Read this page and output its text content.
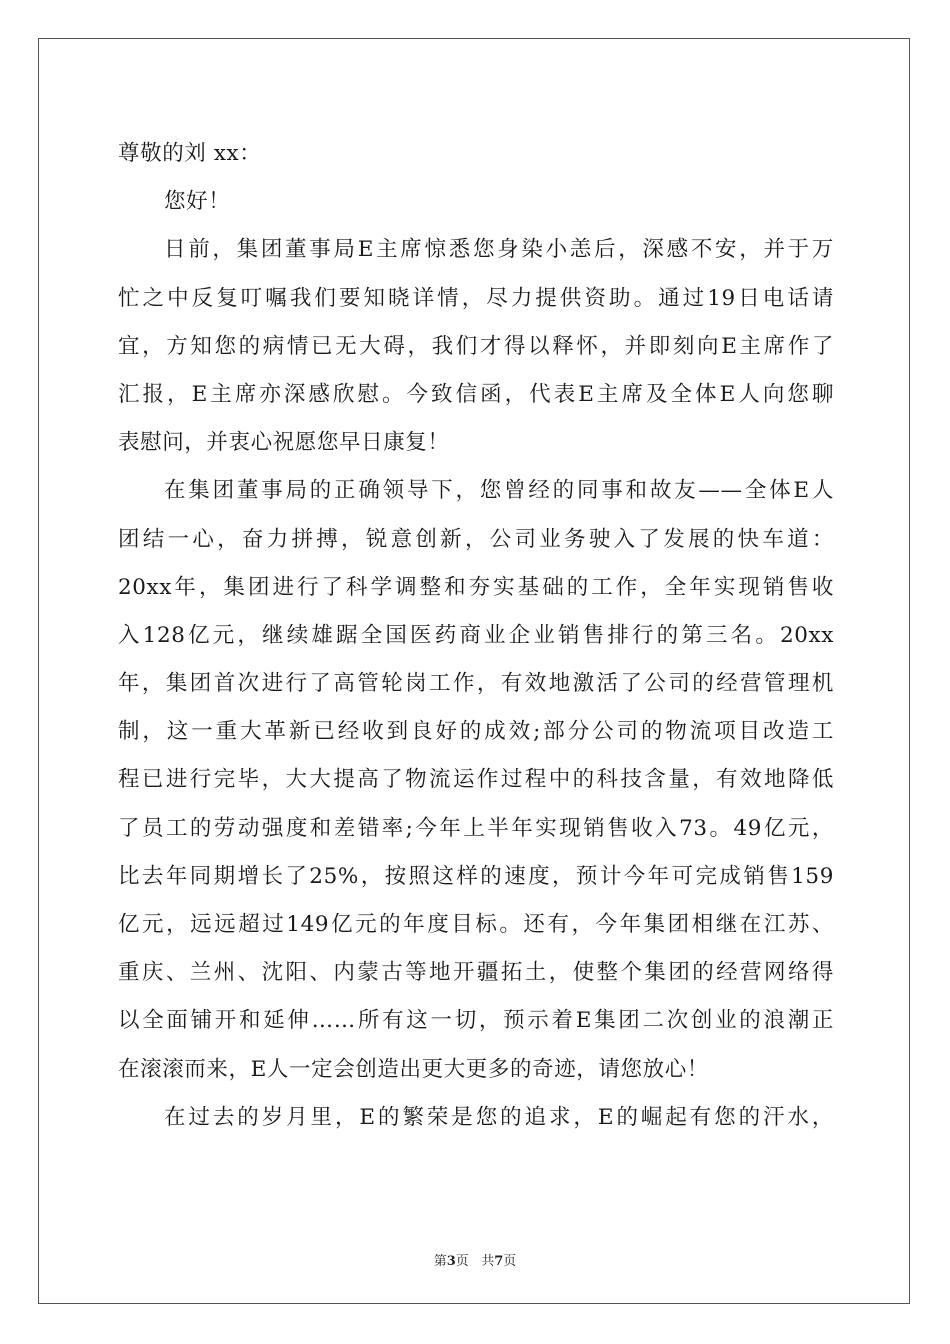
尊敬的刘 xx：
您好！
日前，集团董事局E主席惊悉您身染小恙后，深感不安，并于万
忙之中反复叮嘱我们要知晓详情，尽力提供资助。通过19日电话请
宜，方知您的病情已无大碍，我们才得以释怀，并即刻向E主席作了
汇报，E主席亦深感欣慰。今致信函，代表E主席及全体E人向您聊
表慰问，并衷心祝愿您早日康复！
在集团董事局的正确领导下，您曾经的同事和故友——全体E人
团结一心，奋力拼搏，锐意创新，公司业务驶入了发展的快车道：
20xx年，集团进行了科学调整和夯实基础的工作，全年实现销售收
入128亿元，继续雄踞全国医药商业企业销售排行的第三名。20xx
年，集团首次进行了高管轮岗工作，有效地激活了公司的经营管理机
制，这一重大革新已经收到良好的成效;部分公司的物流项目改造工
程已进行完毕，大大提高了物流运作过程中的科技含量，有效地降低
了员工的劳动强度和差错率;今年上半年实现销售收入73。49亿元，
比去年同期增长了25%，按照这样的速度，预计今年可完成销售159
亿元，远远超过149亿元的年度目标。还有，今年集团相继在江苏、
重庆、兰州、沈阳、内蒙古等地开疆拓土，使整个集团的经营网络得
以全面铺开和延伸……所有这一切，预示着E集团二次创业的浪潮正
在滚滚而来，E人一定会创造出更大更多的奇迹，请您放心！
在过去的岁月里，E的繁荣是您的追求，E的崛起有您的汗水，
第3页 共7页
